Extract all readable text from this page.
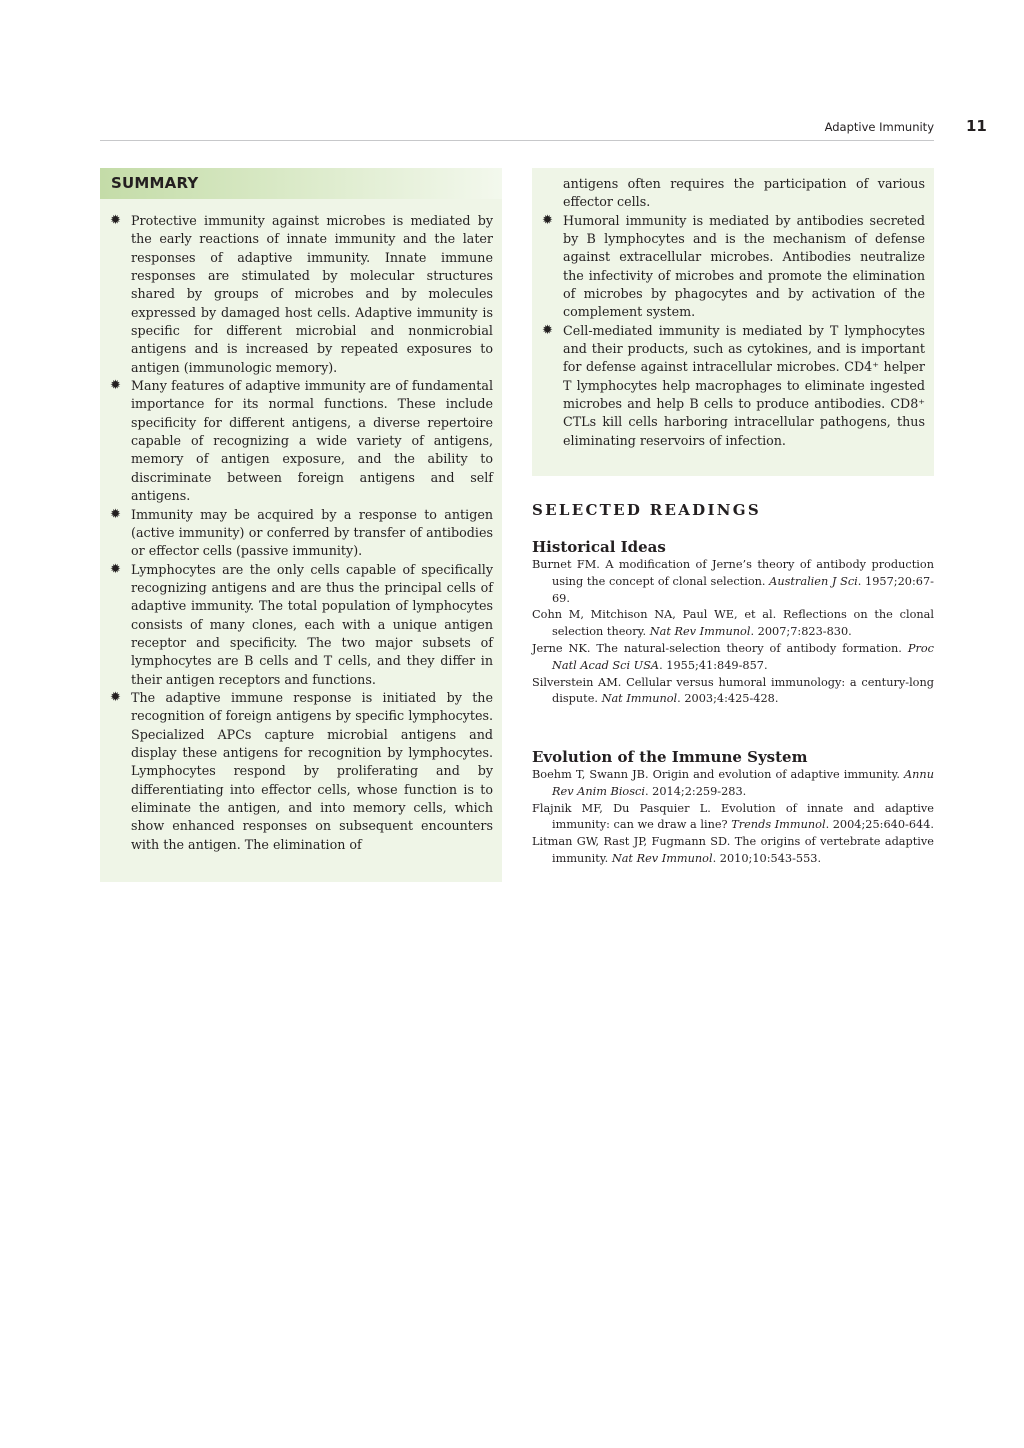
Adaptive Immunity 11
SUMMARY
✹ Protective immunity against microbes is mediated by the early reactions of innate immunity and the later responses of adaptive immunity. Innate immune responses are stimulated by molecular structures shared by groups of microbes and by molecules expressed by damaged host cells. Adaptive immunity is specific for different microbial and nonmicrobial antigens and is increased by repeated exposures to antigen (immunologic memory).
✹ Many features of adaptive immunity are of fundamental importance for its normal functions. These include specificity for different antigens, a diverse repertoire capable of recognizing a wide variety of antigens, memory of antigen exposure, and the ability to discriminate between foreign antigens and self antigens.
✹ Immunity may be acquired by a response to antigen (active immunity) or conferred by transfer of antibodies or effector cells (passive immunity).
✹ Lymphocytes are the only cells capable of specifically recognizing antigens and are thus the principal cells of adaptive immunity. The total population of lymphocytes consists of many clones, each with a unique antigen receptor and specificity. The two major subsets of lymphocytes are B cells and T cells, and they differ in their antigen receptors and functions.
✹ The adaptive immune response is initiated by the recognition of foreign antigens by specific lymphocytes. Specialized APCs capture microbial antigens and display these antigens for recognition by lymphocytes. Lymphocytes respond by proliferating and by differentiating into effector cells, whose function is to eliminate the antigen, and into memory cells, which show enhanced responses on subsequent encounters with the antigen. The elimination of
antigens often requires the participation of various effector cells.
✹ Humoral immunity is mediated by antibodies secreted by B lymphocytes and is the mechanism of defense against extracellular microbes. Antibodies neutralize the infectivity of microbes and promote the elimination of microbes by phagocytes and by activation of the complement system.
✹ Cell-mediated immunity is mediated by T lymphocytes and their products, such as cytokines, and is important for defense against intracellular microbes. CD4⁺ helper T lymphocytes help macrophages to eliminate ingested microbes and help B cells to produce antibodies. CD8⁺ CTLs kill cells harboring intracellular pathogens, thus eliminating reservoirs of infection.
SELECTED READINGS
Historical Ideas
Burnet FM. A modification of Jerne’s theory of antibody production using the concept of clonal selection. Australien J Sci. 1957;20:67-69.
Cohn M, Mitchison NA, Paul WE, et al. Reflections on the clonal selection theory. Nat Rev Immunol. 2007;7:823-830.
Jerne NK. The natural-selection theory of antibody formation. Proc Natl Acad Sci USA. 1955;41:849-857.
Silverstein AM. Cellular versus humoral immunology: a century-long dispute. Nat Immunol. 2003;4:425-428.
Evolution of the Immune System
Boehm T, Swann JB. Origin and evolution of adaptive immunity. Annu Rev Anim Biosci. 2014;2:259-283.
Flajnik MF, Du Pasquier L. Evolution of innate and adaptive immunity: can we draw a line? Trends Immunol. 2004;25:640-644.
Litman GW, Rast JP, Fugmann SD. The origins of vertebrate adaptive immunity. Nat Rev Immunol. 2010;10:543-553.
